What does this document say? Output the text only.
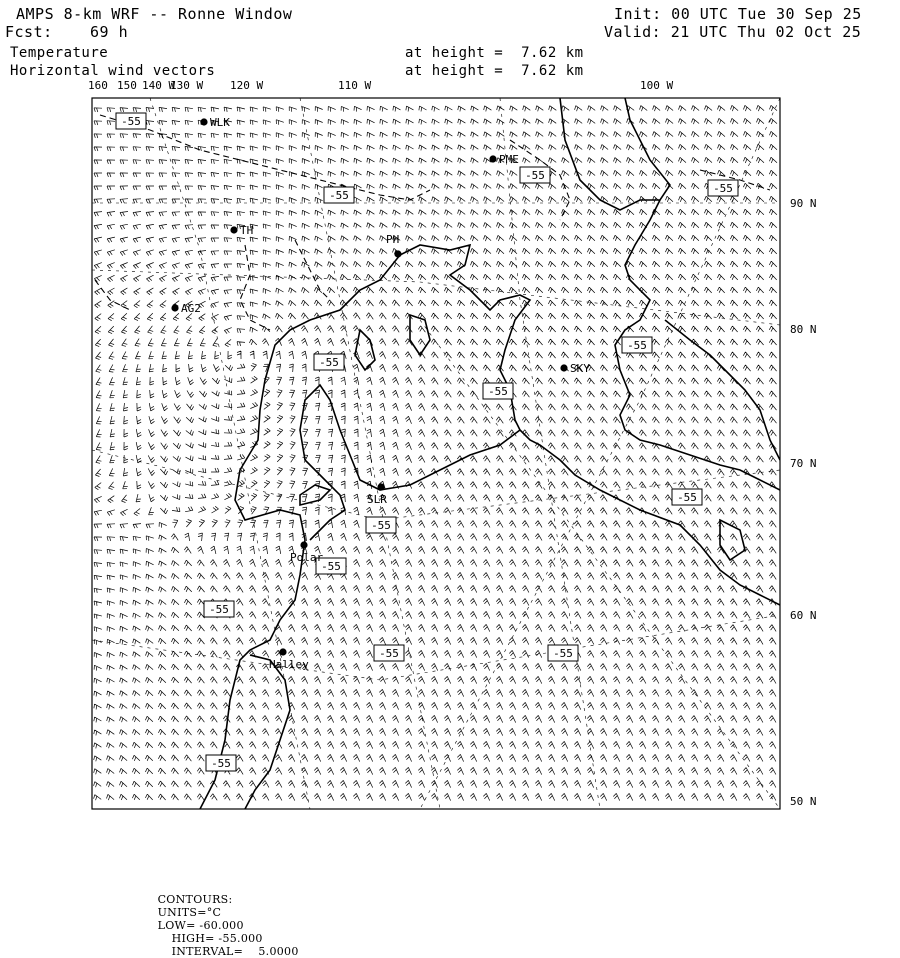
AMPS 8-km WRF -- Ronne Window	Init: 00 UTC Tue 30 Sep 25
Fcst: 69 h	Valid: 21 UTC Thu 02 Oct 25
Temperature
Horizontal wind vectors
at height =  7.62 km
at height =  7.62 km
-55
-55
-55
-55
-55
-55
-55
-55
-55
-55
-55
-55	-55
-55
WLK
PME
PH
TH
AG2
SKY
SLR
Polar
Halley
160 150 140 W
130 W 120 W	110 W	100 W
90 N
80 N
70 N
60 N
50 N

CONTOURS:
UNITS=°C
LOW= -60.000
HIGH= -55.000
INTERVAL=    5.0000
